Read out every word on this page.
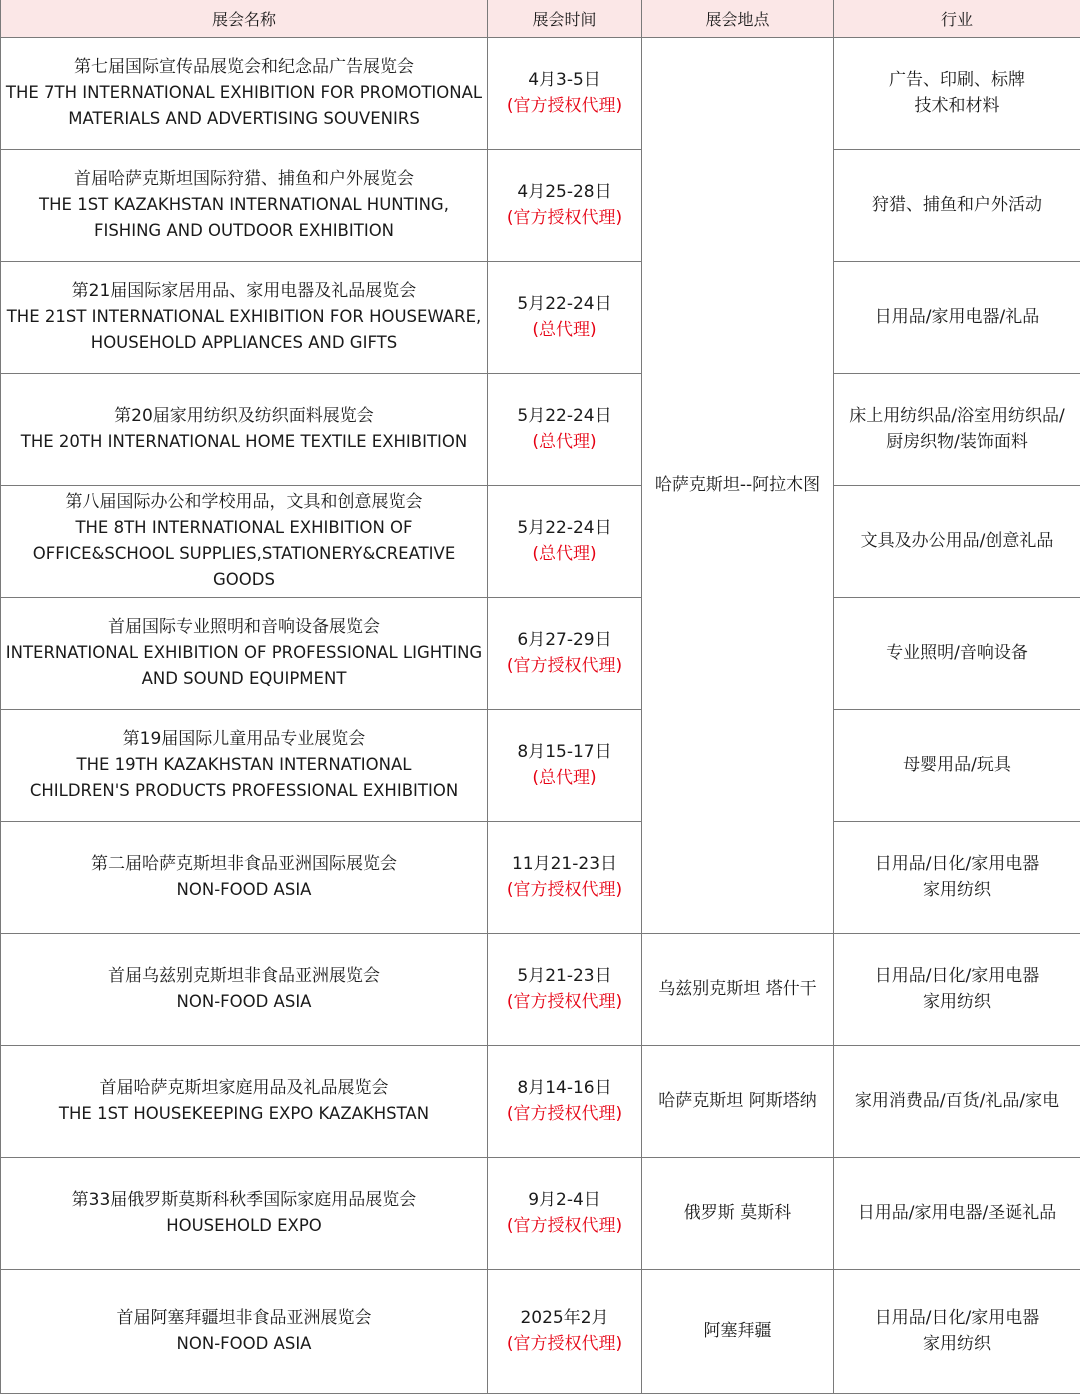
展会名称	展会时间	展会地点	行业

第七届国际宣传品展览会和纪念品广告展览会
THE 7TH INTERNATIONAL EXHIBITION FOR PROMOTIONAL
MATERIALS AND ADVERTISING SOUVENIRS	4月3-5日
(官方授权代理)	哈萨克斯坦--阿拉木图	广告、印刷、标牌
技术和材料

首届哈萨克斯坦国际狩猎、捕鱼和户外展览会
THE 1ST KAZAKHSTAN INTERNATIONAL HUNTING,
FISHING AND OUTDOOR EXHIBITION	4月25-28日
(官方授权代理)		狩猎、捕鱼和户外活动

第21届国际家居用品、家用电器及礼品展览会
THE 21ST INTERNATIONAL EXHIBITION FOR HOUSEWARE,
HOUSEHOLD APPLIANCES AND GIFTS	5月22-24日
(总代理)		日用品/家用电器/礼品

第20届家用纺织及纺织面料展览会
THE 20TH INTERNATIONAL HOME TEXTILE EXHIBITION	5月22-24日
(总代理)		床上用纺织品/浴室用纺织品/
厨房织物/装饰面料

第八届国际办公和学校用品，文具和创意展览会
THE 8TH INTERNATIONAL EXHIBITION OF
OFFICE&SCHOOL SUPPLIES,STATIONERY&CREATIVE
GOODS	5月22-24日
(总代理)		文具及办公用品/创意礼品

首届国际专业照明和音响设备展览会
INTERNATIONAL EXHIBITION OF PROFESSIONAL LIGHTING
AND SOUND EQUIPMENT	6月27-29日
(官方授权代理)		专业照明/音响设备

第19届国际儿童用品专业展览会
THE 19TH KAZAKHSTAN INTERNATIONAL
CHILDREN'S PRODUCTS PROFESSIONAL EXHIBITION	8月15-17日
(总代理)		母婴用品/玩具

第二届哈萨克斯坦非食品亚洲国际展览会
NON-FOOD ASIA	11月21-23日
(官方授权代理)		日用品/日化/家用电器
家用纺织

首届乌兹别克斯坦非食品亚洲展览会
NON-FOOD ASIA	5月21-23日
(官方授权代理)	乌兹别克斯坦 塔什干	日用品/日化/家用电器
家用纺织

首届哈萨克斯坦家庭用品及礼品展览会
THE 1ST HOUSEKEEPING EXPO KAZAKHSTAN	8月14-16日
(官方授权代理)	哈萨克斯坦 阿斯塔纳	家用消费品/百货/礼品/家电

第33届俄罗斯莫斯科秋季国际家庭用品展览会
HOUSEHOLD EXPO	9月2-4日
(官方授权代理)	俄罗斯 莫斯科	日用品/家用电器/圣诞礼品

首届阿塞拜疆坦非食品亚洲展览会
NON-FOOD ASIA	2025年2月
(官方授权代理)	阿塞拜疆	日用品/日化/家用电器
家用纺织
